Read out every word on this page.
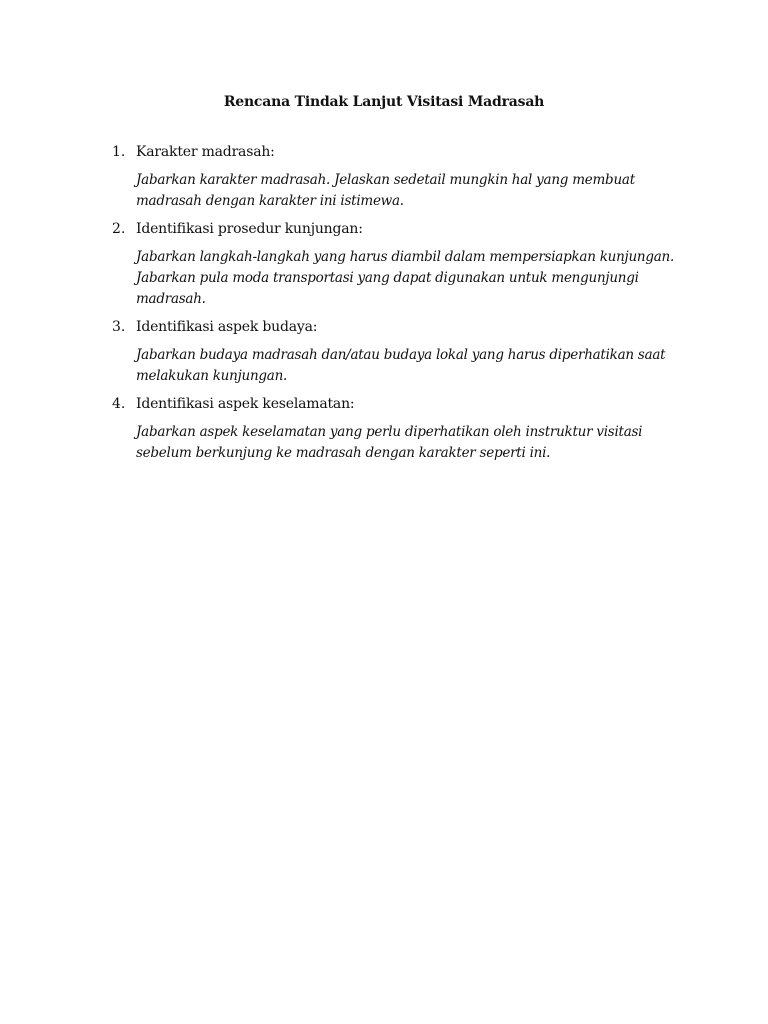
Rencana Tindak Lanjut Visitasi Madrasah
1. Karakter madrasah:
Jabarkan karakter madrasah. Jelaskan sedetail mungkin hal yang membuat madrasah dengan karakter ini istimewa.
2. Identifikasi prosedur kunjungan:
Jabarkan langkah-langkah yang harus diambil dalam mempersiapkan kunjungan. Jabarkan pula moda transportasi yang dapat digunakan untuk mengunjungi madrasah.
3. Identifikasi aspek budaya:
Jabarkan budaya madrasah dan/atau budaya lokal yang harus diperhatikan saat melakukan kunjungan.
4. Identifikasi aspek keselamatan:
Jabarkan aspek keselamatan yang perlu diperhatikan oleh instruktur visitasi sebelum berkunjung ke madrasah dengan karakter seperti ini.
